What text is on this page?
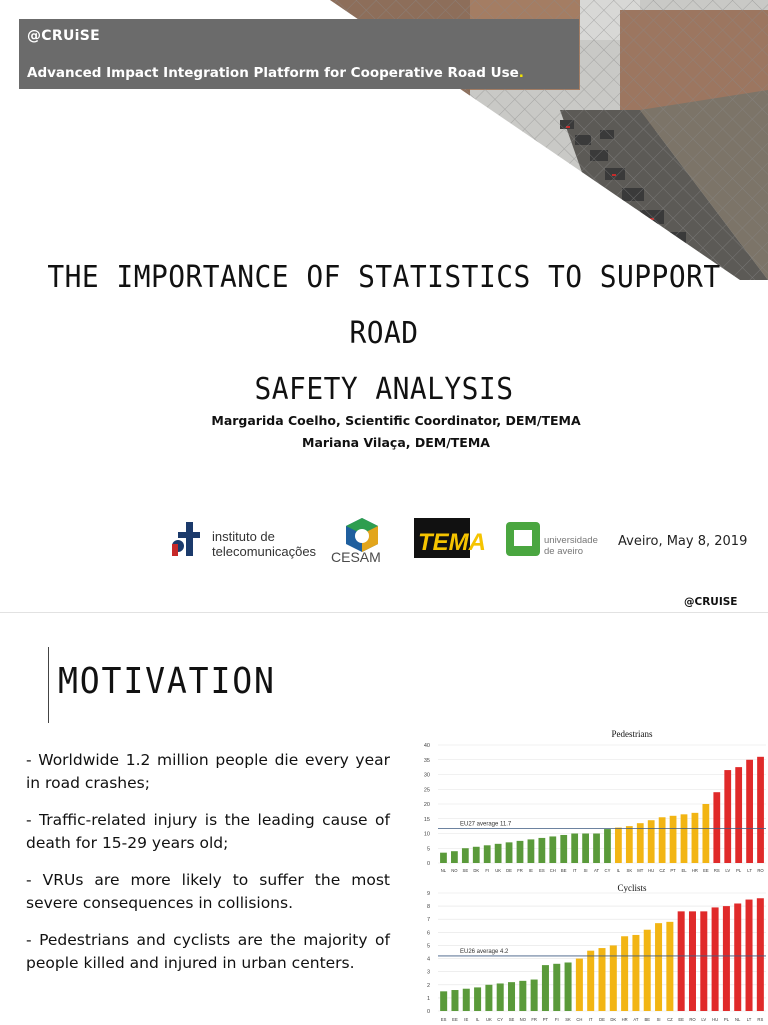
@CRUiSE
Advanced Impact Integration Platform for Cooperative Road Use.
THE IMPORTANCE OF STATISTICS TO SUPPORT ROAD
SAFETY ANALYSIS
Margarida Coelho, Scientific Coordinator, DEM/TEMA
Mariana Vilaça, DEM/TEMA
instituto de
telecomunicações CESAM
TEMA	universidade
de aveiro
Aveiro, May 8, 2019
@CRUISE
MOTIVATION

- Worldwide 1.2 million people die every year in road crashes;

- Traffic-related injury is the leading cause of death for 15-29 years old;

- VRUs are more likely to suffer the most severe consequences in collisions.

- Pedestrians and cyclists are the majority of people killed and injured in urban centers.

Pedestrians
0
5
10
15
20
25
30
35
40
NL NO SE DK FI UK DE FR IE ES CH BE IT SI AT CY IL SK MT HU CZ PT EL HR EE RS LV PL LT RO
EU27 average 11.7
Cyclists
0
1
2
3
4
5
6
7
8
9
ES EE IE IL UK CY SE NO FR PT FI SK CH IT DE DK HR AT BE SI CZ EE RO LV HU PL NL LT RS
EU26 average 4.2
